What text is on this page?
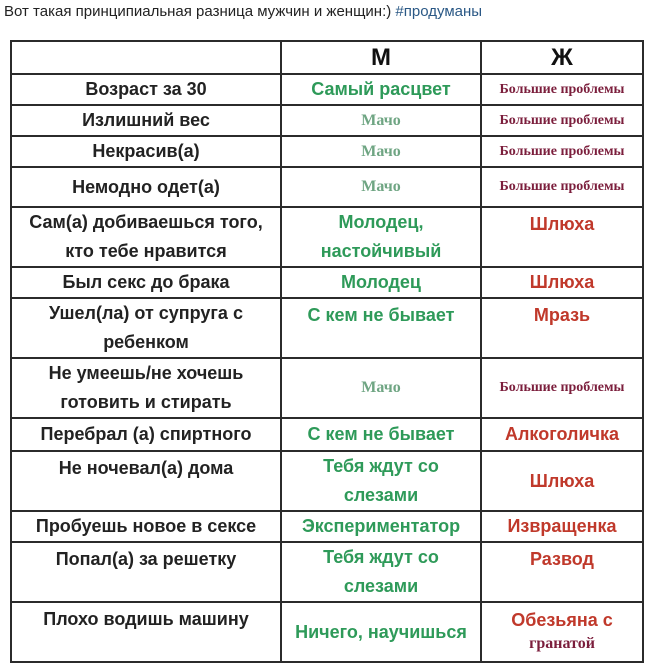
Вот такая принципиальная разница мужчин и женщин:) #продуманы
	М	Ж
Возраст за 30	Самый расцвет	Большие проблемы
Излишний вес	Мачо	Большие проблемы
Некрасив(а)	Мачо	Большие проблемы
Немодно одет(а)	Мачо	Большие проблемы
Сам(а) добиваешься того, кто тебе нравится	Молодец, настойчивый	Шлюха
Был секс до брака	Молодец	Шлюха
Ушел(ла) от супруга с ребенком	С кем не бывает	Мразь
Не умеешь/не хочешь готовить и стирать	Мачо	Большие проблемы
Перебрал (а) спиртного	С кем не бывает	Алкоголичка
Не ночевал(а) дома	Тебя ждут со слезами	Шлюха
Пробуешь новое в сексе	Экспериментатор	Извращенка
Попал(а) за решетку	Тебя ждут со слезами	Развод
Плохо водишь машину	Ничего, научишься	Обезьяна с
гранатой
